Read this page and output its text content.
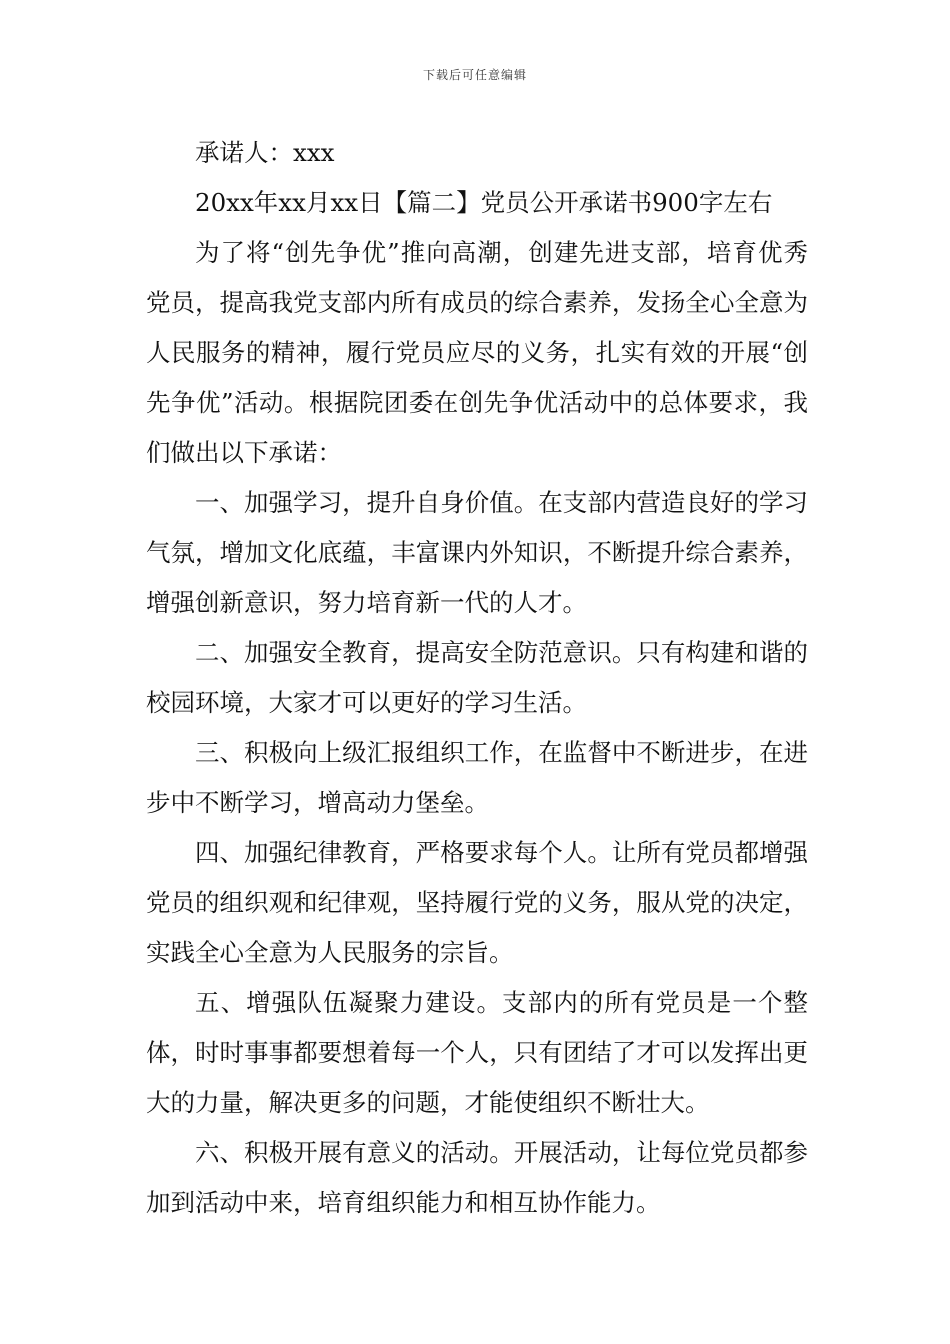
下载后可任意编辑
承诺人：xxx
20xx年xx月xx日【篇二】党员公开承诺书900字左右

为了将“创先争优”推向高潮，创建先进支部，培育优秀党员，提高我党支部内所有成员的综合素养，发扬全心全意为人民服务的精神，履行党员应尽的义务，扎实有效的开展“创先争优”活动。根据院团委在创先争优活动中的总体要求，我们做出以下承诺：

一、加强学习，提升自身价值。在支部内营造良好的学习气氛，增加文化底蕴，丰富课内外知识，不断提升综合素养，增强创新意识，努力培育新一代的人才。

二、加强安全教育，提高安全防范意识。只有构建和谐的校园环境，大家才可以更好的学习生活。

三、积极向上级汇报组织工作，在监督中不断进步，在进步中不断学习，增高动力堡垒。

四、加强纪律教育，严格要求每个人。让所有党员都增强党员的组织观和纪律观，坚持履行党的义务，服从党的决定，实践全心全意为人民服务的宗旨。

五、增强队伍凝聚力建设。支部内的所有党员是一个整体，时时事事都要想着每一个人，只有团结了才可以发挥出更大的力量，解决更多的问题，才能使组织不断壮大。

六、积极开展有意义的活动。开展活动，让每位党员都参加到活动中来，培育组织能力和相互协作能力。
